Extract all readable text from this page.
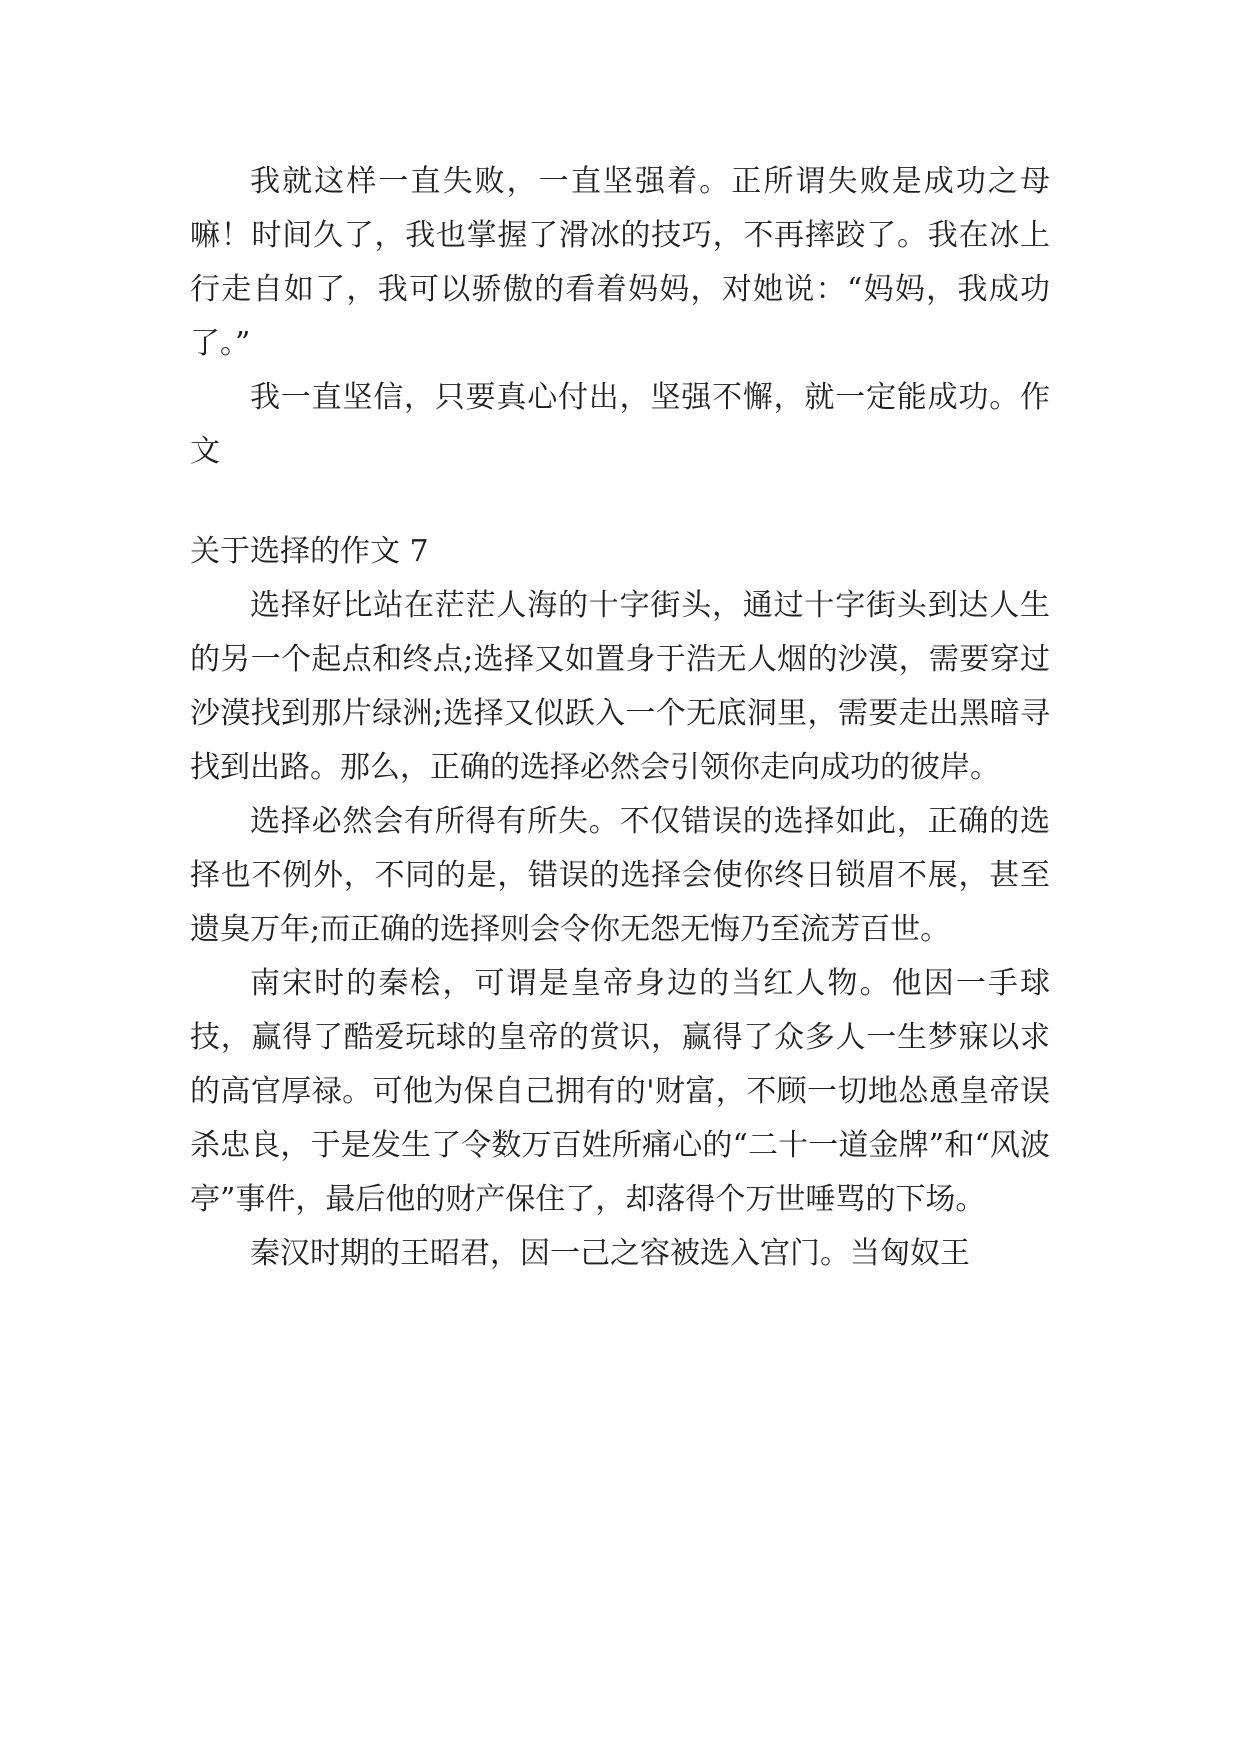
我就这样一直失败，一直坚强着。正所谓失败是成功之母嘛！时间久了，我也掌握了滑冰的技巧，不再摔跤了。我在冰上行走自如了，我可以骄傲的看着妈妈，对她说：“妈妈，我成功了。”

我一直坚信，只要真心付出，坚强不懈，就一定能成功。作文

关于选择的作文 7

选择好比站在茫茫人海的十字街头，通过十字街头到达人生的另一个起点和终点;选择又如置身于浩无人烟的沙漠，需要穿过沙漠找到那片绿洲;选择又似跃入一个无底洞里，需要走出黑暗寻找到出路。那么，正确的选择必然会引领你走向成功的彼岸。

选择必然会有所得有所失。不仅错误的选择如此，正确的选择也不例外，不同的是，错误的选择会使你终日锁眉不展，甚至遗臭万年;而正确的选择则会令你无怨无悔乃至流芳百世。

南宋时的秦桧，可谓是皇帝身边的当红人物。他因一手球技，赢得了酷爱玩球的皇帝的赏识，赢得了众多人一生梦寐以求的高官厚禄。可他为保自己拥有的'财富，不顾一切地怂恿皇帝误杀忠良，于是发生了令数万百姓所痛心的“二十一道金牌”和“风波亭”事件，最后他的财产保住了，却落得个万世唾骂的下场。

秦汉时期的王昭君，因一己之容被选入宫门。当匈奴王
